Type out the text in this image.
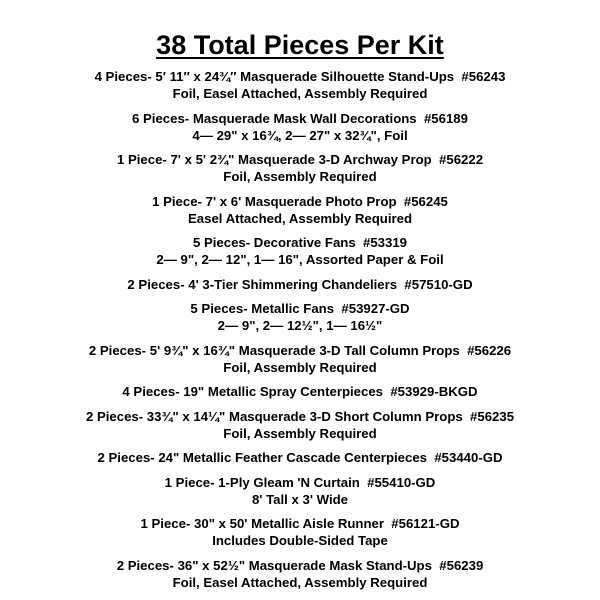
38 Total Pieces Per Kit
4 Pieces- 5′ 11″ x 24¾″ Masquerade Silhouette Stand-Ups  #56243
Foil, Easel Attached, Assembly Required
6 Pieces- Masquerade Mask Wall Decorations  #56189
4— 29" x 16¾, 2— 27" x 32¾", Foil
1 Piece- 7' x 5' 2¾" Masquerade 3-D Archway Prop  #56222
Foil, Assembly Required
1 Piece- 7' x 6' Masquerade Photo Prop  #56245
Easel Attached, Assembly Required
5 Pieces- Decorative Fans  #53319
2— 9", 2— 12", 1— 16", Assorted Paper & Foil
2 Pieces- 4' 3-Tier Shimmering Chandeliers  #57510-GD
5 Pieces- Metallic Fans  #53927-GD
2— 9", 2— 12½", 1— 16½"
2 Pieces- 5' 9¾" x 16¾" Masquerade 3-D Tall Column Props  #56226
Foil, Assembly Required
4 Pieces- 19" Metallic Spray Centerpieces  #53929-BKGD
2 Pieces- 33¾" x 14¼" Masquerade 3-D Short Column Props  #56235
Foil, Assembly Required
2 Pieces- 24" Metallic Feather Cascade Centerpieces  #53440-GD
1 Piece- 1-Ply Gleam 'N Curtain  #55410-GD
8' Tall x 3' Wide
1 Piece- 30" x 50' Metallic Aisle Runner  #56121-GD
Includes Double-Sided Tape
2 Pieces- 36" x 52½" Masquerade Mask Stand-Ups  #56239
Foil, Easel Attached, Assembly Required
